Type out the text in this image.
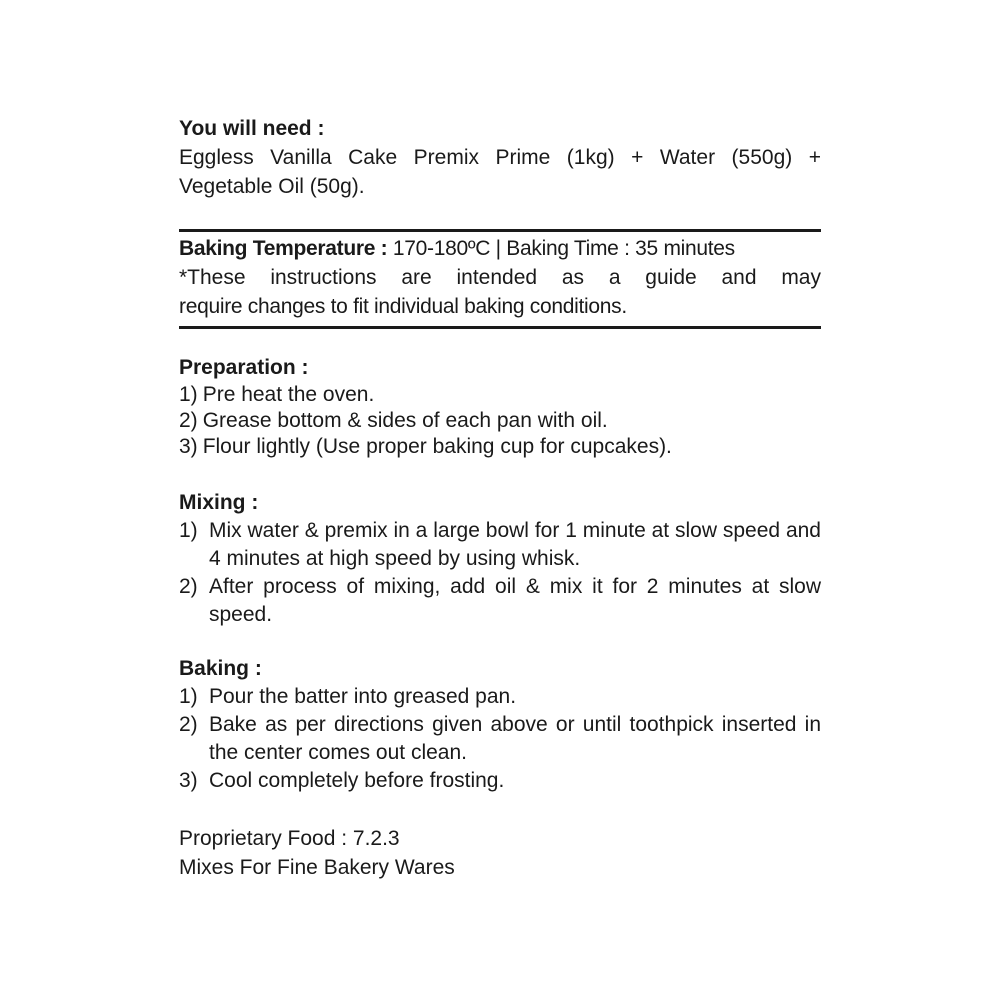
You will need :

Eggless Vanilla Cake Premix Prime (1kg) + Water (550g) + Vegetable Oil (50g).

Baking Temperature : 170-180ºC | Baking Time : 35 minutes

*These instructions are intended as a guide and may

require changes to fit individual baking conditions.

Preparation :

1) Pre heat the oven.
2) Grease bottom & sides of each pan with oil.
3) Flour lightly (Use proper baking cup for cupcakes).

Mixing :

1) Mix water & premix in a large bowl for 1 minute at slow speed and 4 minutes at high speed by using whisk.
2) After process of mixing, add oil & mix it for 2 minutes at slow speed.

Baking :

1) Pour the batter into greased pan.
2) Bake as per directions given above or until toothpick inserted in the center comes out clean.
3) Cool completely before frosting.

Proprietary Food : 7.2.3

Mixes For Fine Bakery Wares
